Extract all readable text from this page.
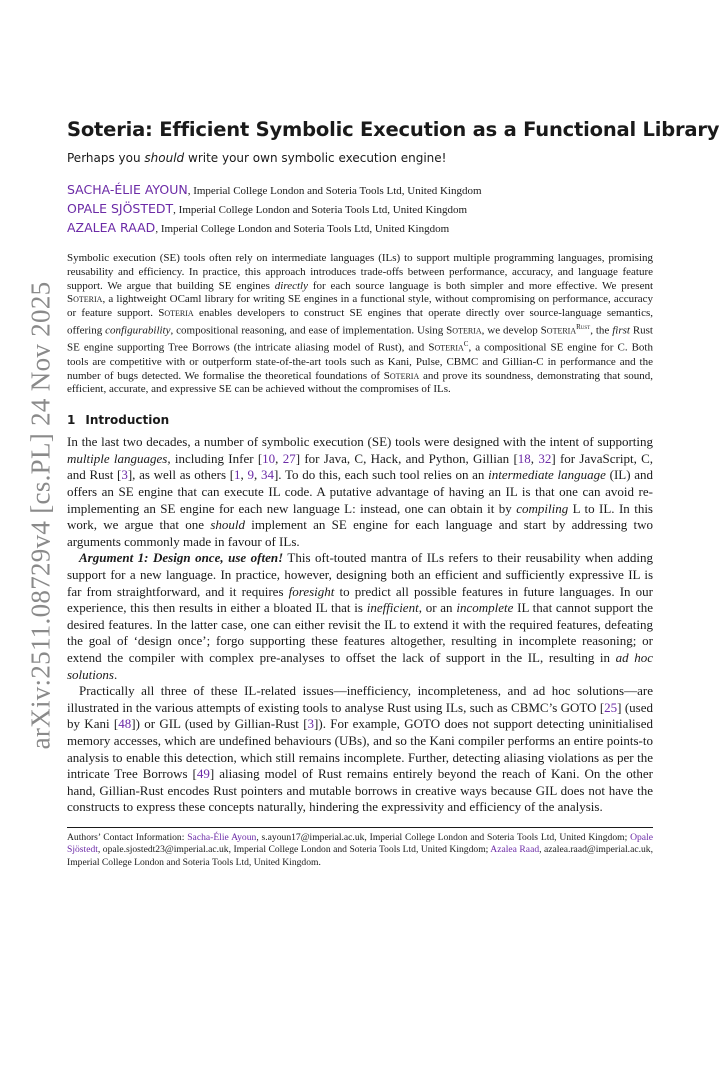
arXiv:2511.08729v4 [cs.PL] 24 Nov 2025
Soteria: Efficient Symbolic Execution as a Functional Library
Perhaps you should write your own symbolic execution engine!
SACHA-ÉLIE AYOUN, Imperial College London and Soteria Tools Ltd, United Kingdom
OPALE SJÖSTEDT, Imperial College London and Soteria Tools Ltd, United Kingdom
AZALEA RAAD, Imperial College London and Soteria Tools Ltd, United Kingdom
Symbolic execution (SE) tools often rely on intermediate languages (ILs) to support multiple programming languages, promising reusability and efficiency. In practice, this approach introduces trade-offs between performance, accuracy, and language feature support. We argue that building SE engines directly for each source language is both simpler and more effective. We present Soteria, a lightweight OCaml library for writing SE engines in a functional style, without compromising on performance, accuracy or feature support. Soteria enables developers to construct SE engines that operate directly over source-language semantics, offering configurability, compositional reasoning, and ease of implementation. Using Soteria, we develop Soteria$^{Rust}$, the first Rust SE engine supporting Tree Borrows (the intricate aliasing model of Rust), and Soteria$^C$, a compositional SE engine for C. Both tools are competitive with or outperform state-of-the-art tools such as Kani, Pulse, CBMC and Gillian-C in performance and the number of bugs detected. We formalise the theoretical foundations of Soteria and prove its soundness, demonstrating that sound, efficient, accurate, and expressive SE can be achieved without the compromises of ILs.
1 Introduction

In the last two decades, a number of symbolic execution (SE) tools were designed with the intent of supporting multiple languages, including Infer [10, 27] for Java, C, Hack, and Python, Gillian [18, 32] for JavaScript, C, and Rust [3], as well as others [1, 9, 34]. To do this, each such tool relies on an intermediate language (IL) and offers an SE engine that can execute IL code. A putative advantage of having an IL is that one can avoid re-implementing an SE engine for each new language L: instead, one can obtain it by compiling L to IL. In this work, we argue that one should implement an SE engine for each language and start by addressing two arguments commonly made in favour of ILs.

Argument 1: Design once, use often! This oft-touted mantra of ILs refers to their reusability when adding support for a new language. In practice, however, designing both an efficient and sufficiently expressive IL is far from straightforward, and it requires foresight to predict all possible features in future languages. In our experience, this then results in either a bloated IL that is inefficient, or an incomplete IL that cannot support the desired features. In the latter case, one can either revisit the IL to extend it with the required features, defeating the goal of ‘design once’; forgo supporting these features altogether, resulting in incomplete reasoning; or extend the compiler with complex pre-analyses to offset the lack of support in the IL, resulting in ad hoc solutions.

Practically all three of these IL-related issues—inefficiency, incompleteness, and ad hoc solutions—are illustrated in the various attempts of existing tools to analyse Rust using ILs, such as CBMC’s GOTO [25] (used by Kani [48]) or GIL (used by Gillian-Rust [3]). For example, GOTO does not support detecting uninitialised memory accesses, which are undefined behaviours (UBs), and so the Kani compiler performs an entire points-to analysis to enable this detection, which still remains incomplete. Further, detecting aliasing violations as per the intricate Tree Borrows [49] aliasing model of Rust remains entirely beyond the reach of Kani. On the other hand, Gillian-Rust encodes Rust pointers and mutable borrows in creative ways because GIL does not have the constructs to express these concepts naturally, hindering the expressivity and efficiency of the analysis.

Authors’ Contact Information: Sacha-Élie Ayoun, s.ayoun17@imperial.ac.uk, Imperial College London and Soteria Tools Ltd, United Kingdom; Opale Sjöstedt, opale.sjostedt23@imperial.ac.uk, Imperial College London and Soteria Tools Ltd, United Kingdom; Azalea Raad, azalea.raad@imperial.ac.uk, Imperial College London and Soteria Tools Ltd, United Kingdom.
